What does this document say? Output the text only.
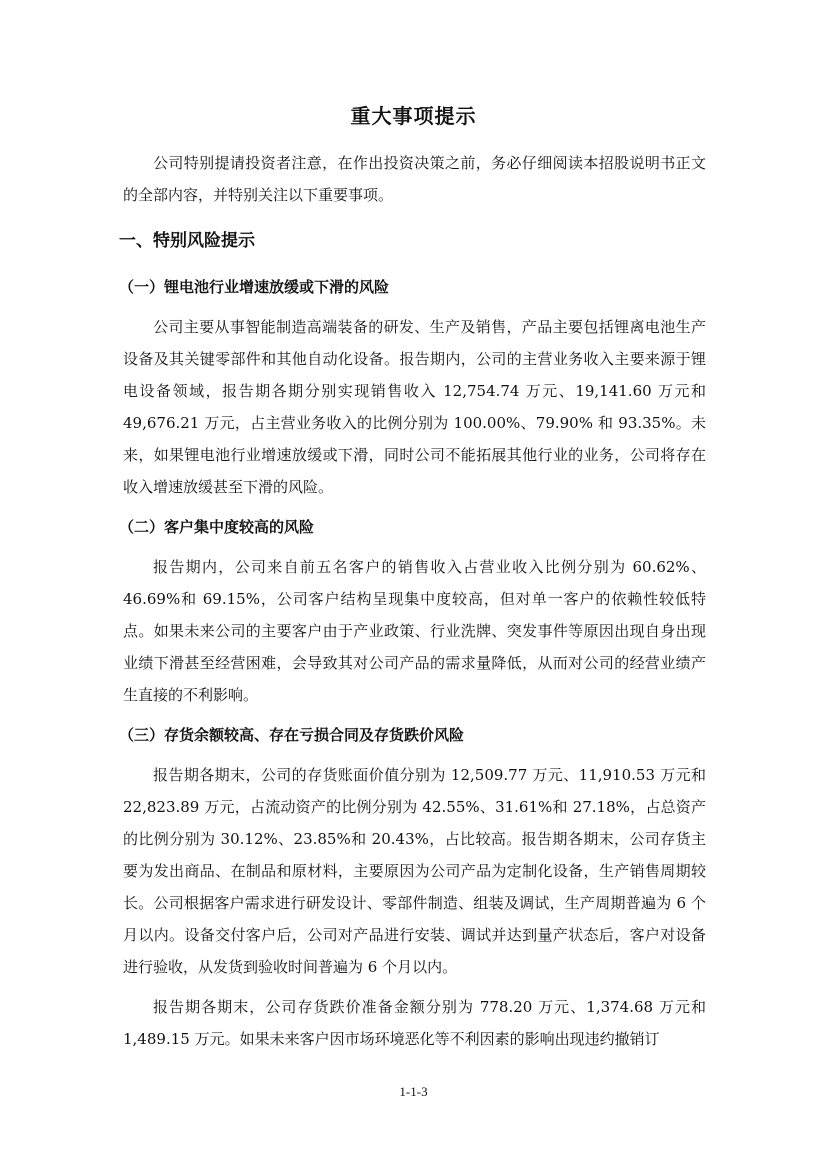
重大事项提示

公司特别提请投资者注意，在作出投资决策之前，务必仔细阅读本招股说明书正文的全部内容，并特别关注以下重要事项。

一、特别风险提示
（一）锂电池行业增速放缓或下滑的风险

公司主要从事智能制造高端装备的研发、生产及销售，产品主要包括锂离电池生产设备及其关键零部件和其他自动化设备。报告期内，公司的主营业务收入主要来源于锂电设备领域，报告期各期分别实现销售收入 12,754.74 万元、19,141.60 万元和 49,676.21 万元，占主营业务收入的比例分别为 100.00%、79.90% 和 93.35%。未来，如果锂电池行业增速放缓或下滑，同时公司不能拓展其他行业的业务，公司将存在收入增速放缓甚至下滑的风险。

（二）客户集中度较高的风险

报告期内，公司来自前五名客户的销售收入占营业收入比例分别为 60.62%、46.69%和 69.15%，公司客户结构呈现集中度较高，但对单一客户的依赖性较低特点。如果未来公司的主要客户由于产业政策、行业洗牌、突发事件等原因出现自身出现业绩下滑甚至经营困难，会导致其对公司产品的需求量降低，从而对公司的经营业绩产生直接的不利影响。

（三）存货余额较高、存在亏损合同及存货跌价风险

报告期各期末，公司的存货账面价值分别为 12,509.77 万元、11,910.53 万元和 22,823.89 万元，占流动资产的比例分别为 42.55%、31.61%和 27.18%，占总资产的比例分别为 30.12%、23.85%和 20.43%，占比较高。报告期各期末，公司存货主要为发出商品、在制品和原材料，主要原因为公司产品为定制化设备，生产销售周期较长。公司根据客户需求进行研发设计、零部件制造、组装及调试，生产周期普遍为 6 个月以内。设备交付客户后，公司对产品进行安装、调试并达到量产状态后，客户对设备进行验收，从发货到验收时间普遍为 6 个月以内。

报告期各期末，公司存货跌价准备金额分别为 778.20 万元、1,374.68 万元和 1,489.15 万元。如果未来客户因市场环境恶化等不利因素的影响出现违约撤销订

1-1-3
